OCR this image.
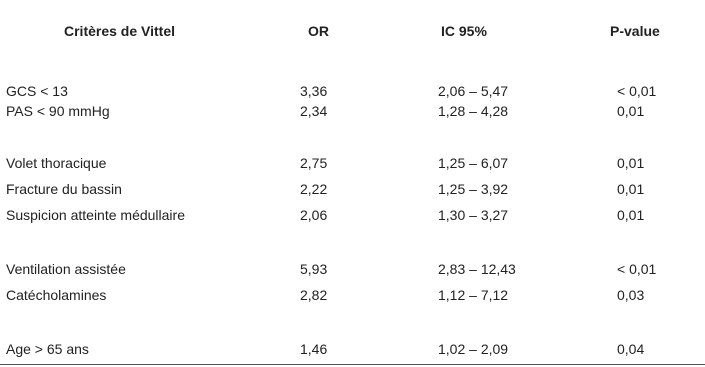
Critères de Vittel	OR	IC 95%	P-value
GCS < 13	3,36	2,06 – 5,47	< 0,01
PAS < 90 mmHg	2,34	1,28 – 4,28	0,01
Volet thoracique	2,75	1,25 – 6,07	0,01
Fracture du bassin	2,22	1,25 – 3,92	0,01
Suspicion atteinte médullaire	2,06	1,30 – 3,27	0,01
Ventilation assistée	5,93	2,83 – 12,43	< 0,01
Catécholamines	2,82	1,12 – 7,12	0,03
Age > 65 ans	1,46	1,02 – 2,09	0,04
